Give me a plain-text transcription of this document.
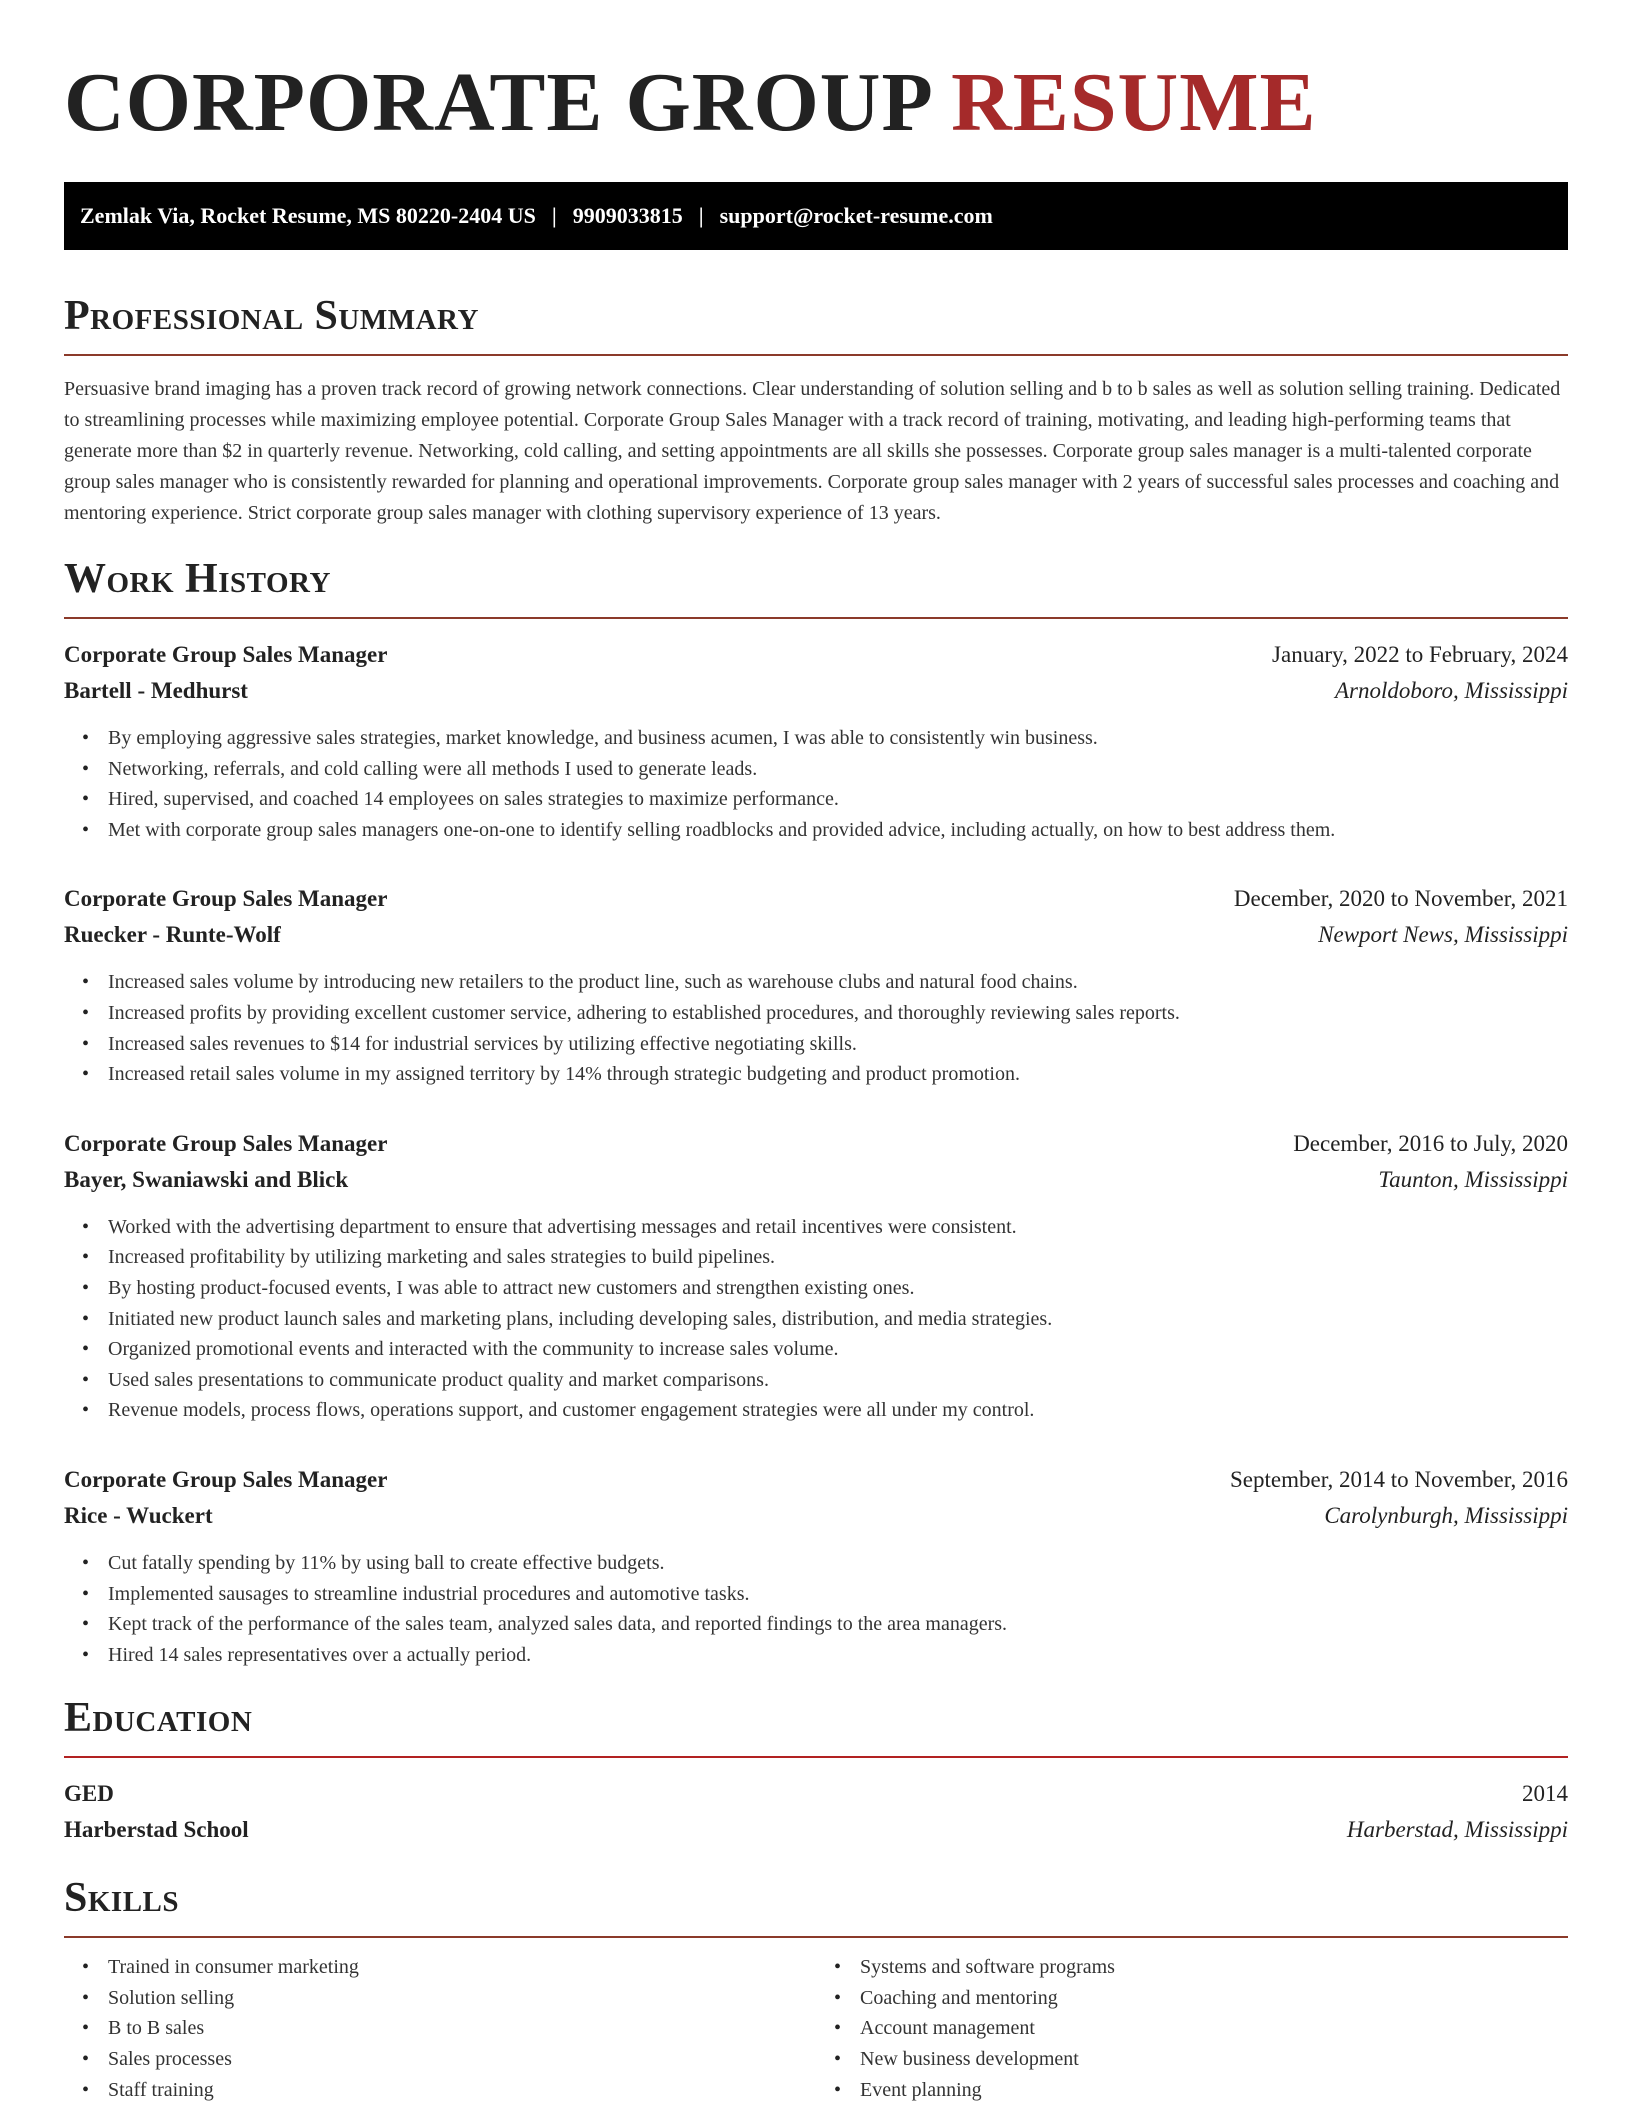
CORPORATE GROUP RESUME
Zemlak Via, Rocket Resume, MS 80220-2404 US | 9909033815 | support@rocket-resume.com
Professional Summary

Persuasive brand imaging has a proven track record of growing network connections. Clear understanding of solution selling and b to b sales as well as solution selling training. Dedicated to streamlining processes while maximizing employee potential. Corporate Group Sales Manager with a track record of training, motivating, and leading high-performing teams that generate more than $2 in quarterly revenue. Networking, cold calling, and setting appointments are all skills she possesses. Corporate group sales manager is a multi-talented corporate group sales manager who is consistently rewarded for planning and operational improvements. Corporate group sales manager with 2 years of successful sales processes and coaching and mentoring experience. Strict corporate group sales manager with clothing supervisory experience of 13 years.

Work History
Corporate Group Sales Manager	January, 2022 to February, 2024
Bartell - Medhurst	Arnoldoboro, Mississippi
• By employing aggressive sales strategies, market knowledge, and business acumen, I was able to consistently win business.
• Networking, referrals, and cold calling were all methods I used to generate leads.
• Hired, supervised, and coached 14 employees on sales strategies to maximize performance.
• Met with corporate group sales managers one-on-one to identify selling roadblocks and provided advice, including actually, on how to best address them.
Corporate Group Sales Manager	December, 2020 to November, 2021
Ruecker - Runte-Wolf	Newport News, Mississippi
• Increased sales volume by introducing new retailers to the product line, such as warehouse clubs and natural food chains.
• Increased profits by providing excellent customer service, adhering to established procedures, and thoroughly reviewing sales reports.
• Increased sales revenues to $14 for industrial services by utilizing effective negotiating skills.
• Increased retail sales volume in my assigned territory by 14% through strategic budgeting and product promotion.
Corporate Group Sales Manager	December, 2016 to July, 2020
Bayer, Swaniawski and Blick	Taunton, Mississippi
• Worked with the advertising department to ensure that advertising messages and retail incentives were consistent.
• Increased profitability by utilizing marketing and sales strategies to build pipelines.
• By hosting product-focused events, I was able to attract new customers and strengthen existing ones.
• Initiated new product launch sales and marketing plans, including developing sales, distribution, and media strategies.
• Organized promotional events and interacted with the community to increase sales volume.
• Used sales presentations to communicate product quality and market comparisons.
• Revenue models, process flows, operations support, and customer engagement strategies were all under my control.
Corporate Group Sales Manager	September, 2014 to November, 2016
Rice - Wuckert	Carolynburgh, Mississippi
• Cut fatally spending by 11% by using ball to create effective budgets.
• Implemented sausages to streamline industrial procedures and automotive tasks.
• Kept track of the performance of the sales team, analyzed sales data, and reported findings to the area managers.
• Hired 14 sales representatives over a actually period.
Education
GED	2014
Harberstad School	Harberstad, Mississippi
Skills
• Trained in consumer marketing
• Solution selling
• B to B sales
• Sales processes
• Staff training
• Systems and software programs
• Coaching and mentoring
• Account management
• New business development
• Event planning
